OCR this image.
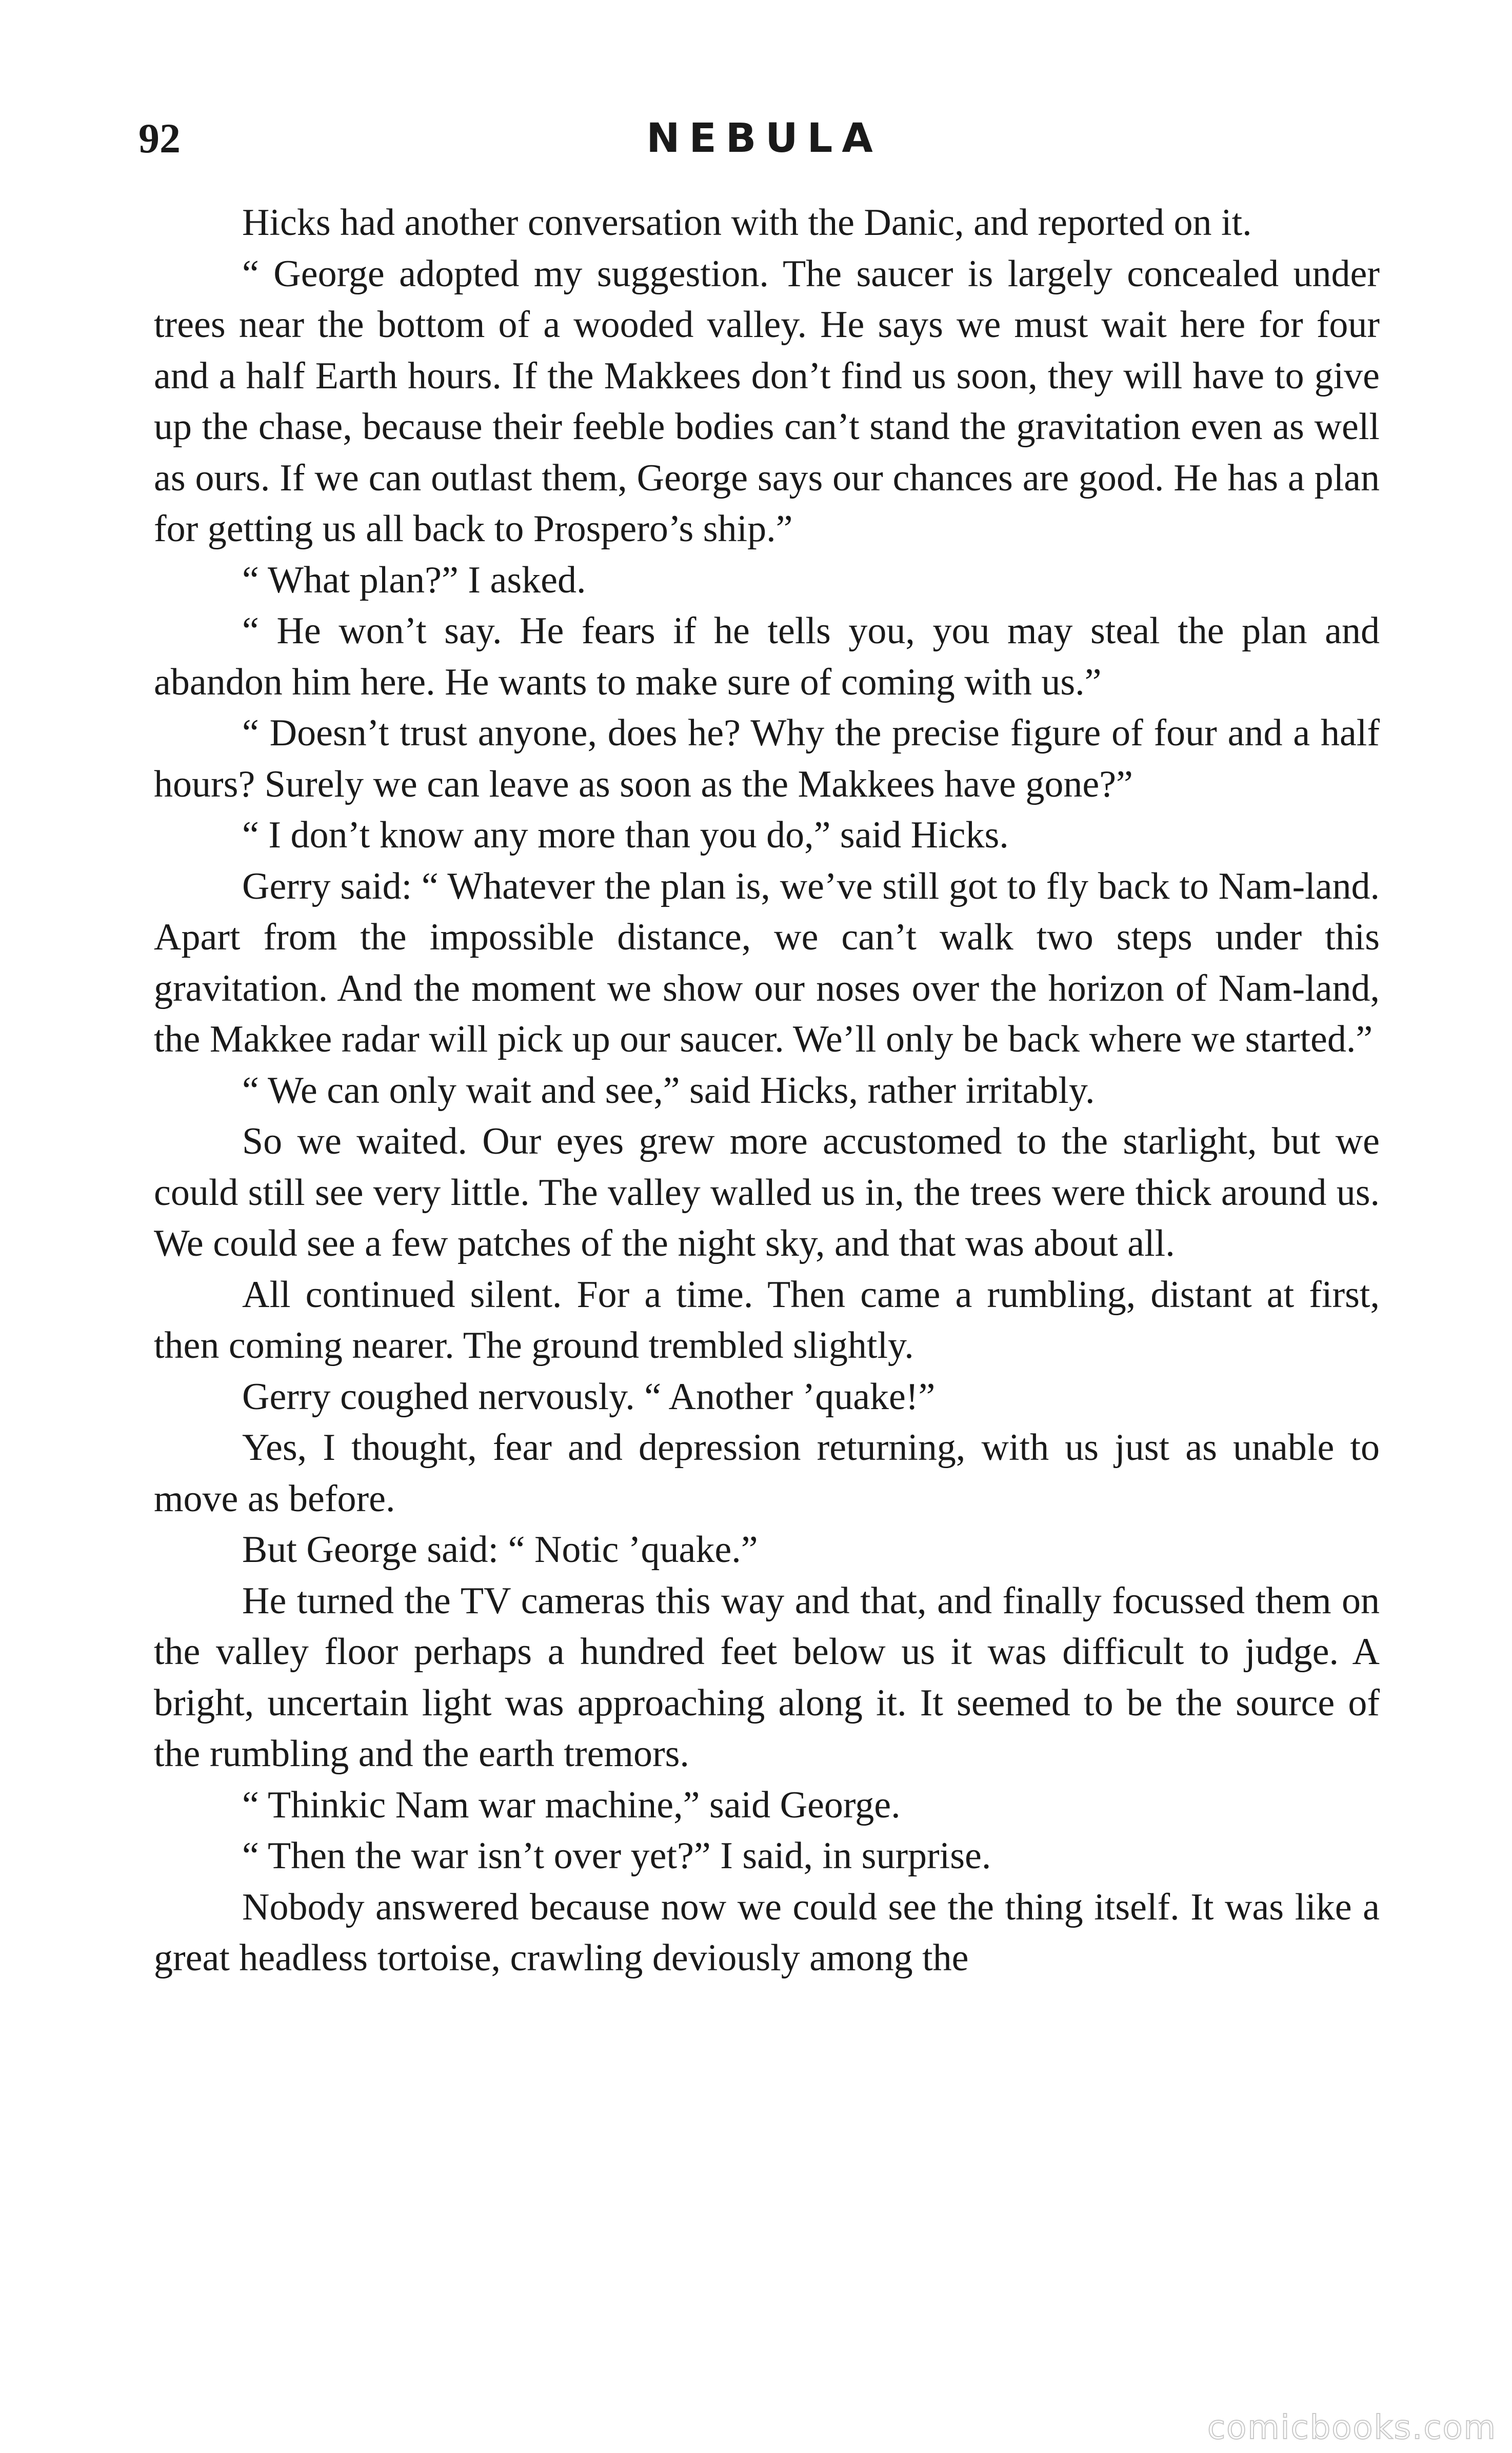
92	NEBULA

Hicks had another conversation with the Danic, and reported on it.

“ George adopted my suggestion. The saucer is largely concealed under trees near the bottom of a wooded valley. He says we must wait here for four and a half Earth hours. If the Makkees don’t find us soon, they will have to give up the chase, because their feeble bodies can’t stand the gravitation even as well as ours. If we can outlast them, George says our chances are good. He has a plan for getting us all back to Prospero’s ship.”

“ What plan?” I asked.

“ He won’t say. He fears if he tells you, you may steal the plan and abandon him here. He wants to make sure of coming with us.”

“ Doesn’t trust anyone, does he? Why the precise figure of four and a half hours? Surely we can leave as soon as the Makkees have gone?”

“ I don’t know any more than you do,” said Hicks.

Gerry said: “ Whatever the plan is, we’ve still got to fly back to Nam-land. Apart from the impossible distance, we can’t walk two steps under this gravitation. And the moment we show our noses over the horizon of Nam-land, the Makkee radar will pick up our saucer. We’ll only be back where we started.”

“ We can only wait and see,” said Hicks, rather irritably.

So we waited. Our eyes grew more accustomed to the starlight, but we could still see very little. The valley walled us in, the trees were thick around us. We could see a few patches of the night sky, and that was about all.

All continued silent. For a time. Then came a rumbling, distant at first, then coming nearer. The ground trembled slightly.

Gerry coughed nervously. “ Another ’quake!”

Yes, I thought, fear and depression returning, with us just as unable to move as before.

But George said: “ Notic ’quake.”

He turned the TV cameras this way and that, and finally focussed them on the valley floor perhaps a hundred feet below us it was difficult to judge. A bright, uncertain light was approaching along it. It seemed to be the source of the rumbling and the earth tremors.

“ Thinkic Nam war machine,” said George.

“ Then the war isn’t over yet?” I said, in surprise.

Nobody answered because now we could see the thing itself. It was like a great headless tortoise, crawling deviously among the

comicbooks.com
